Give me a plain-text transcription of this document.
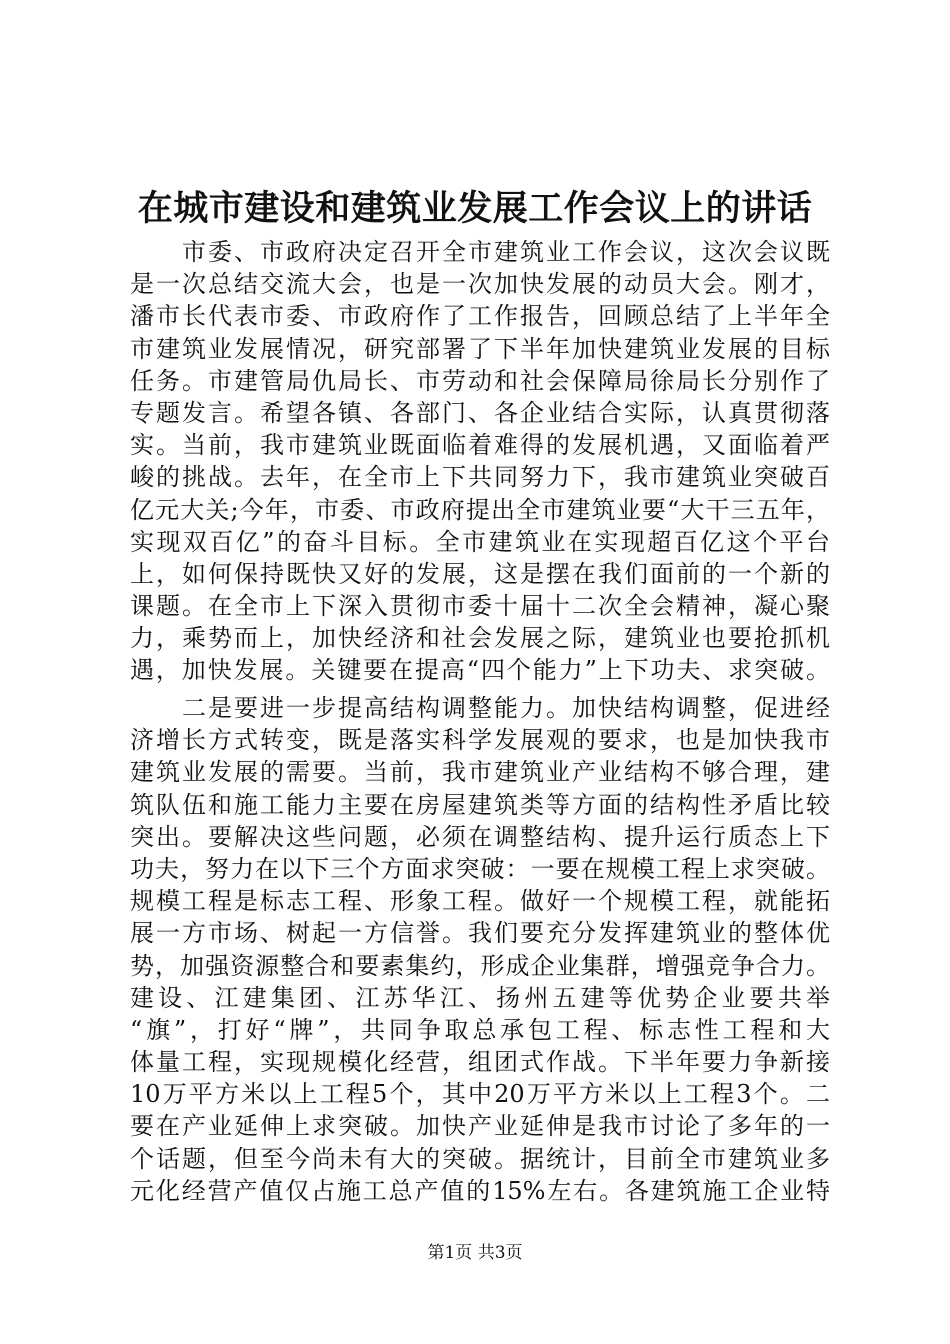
在城市建设和建筑业发展工作会议上的讲话
市委、市政府决定召开全市建筑业工作会议，这次会议既
是一次总结交流大会，也是一次加快发展的动员大会。刚才，
潘市长代表市委、市政府作了工作报告，回顾总结了上半年全
市建筑业发展情况，研究部署了下半年加快建筑业发展的目标
任务。市建管局仇局长、市劳动和社会保障局徐局长分别作了
专题发言。希望各镇、各部门、各企业结合实际，认真贯彻落
实。当前，我市建筑业既面临着难得的发展机遇，又面临着严
峻的挑战。去年，在全市上下共同努力下，我市建筑业突破百
亿元大关;今年，市委、市政府提出全市建筑业要“大干三五年，
实现双百亿”的奋斗目标。全市建筑业在实现超百亿这个平台
上，如何保持既快又好的发展，这是摆在我们面前的一个新的
课题。在全市上下深入贯彻市委十届十二次全会精神，凝心聚
力，乘势而上，加快经济和社会发展之际，建筑业也要抢抓机
遇，加快发展。关键要在提高“四个能力”上下功夫、求突破。
二是要进一步提高结构调整能力。加快结构调整，促进经
济增长方式转变，既是落实科学发展观的要求，也是加快我市
建筑业发展的需要。当前，我市建筑业产业结构不够合理，建
筑队伍和施工能力主要在房屋建筑类等方面的结构性矛盾比较
突出。要解决这些问题，必须在调整结构、提升运行质态上下
功夫，努力在以下三个方面求突破：一要在规模工程上求突破。
规模工程是标志工程、形象工程。做好一个规模工程，就能拓
展一方市场、树起一方信誉。我们要充分发挥建筑业的整体优
势，加强资源整合和要素集约，形成企业集群，增强竞争合力。
建设、江建集团、江苏华江、扬州五建等优势企业要共举
“旗”，打好“牌”，共同争取总承包工程、标志性工程和大
体量工程，实现规模化经营，组团式作战。下半年要力争新接
10万平方米以上工程5个，其中20万平方米以上工程3个。二
要在产业延伸上求突破。加快产业延伸是我市讨论了多年的一
个话题，但至今尚未有大的突破。据统计，目前全市建筑业多
元化经营产值仅占施工总产值的15%左右。各建筑施工企业特
第1页 共3页
